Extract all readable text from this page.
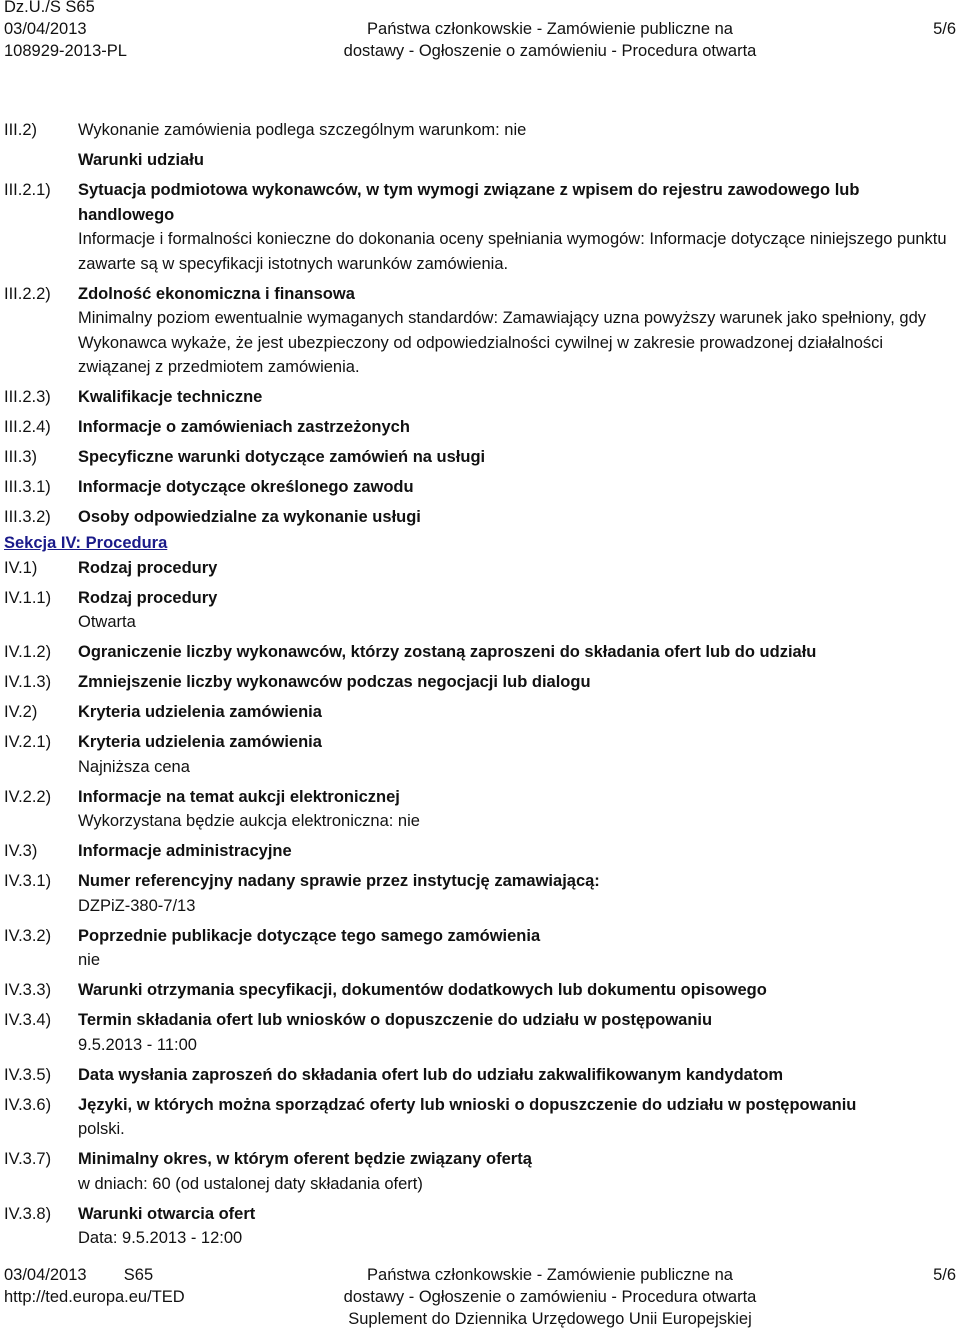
Dz.U./S S65
03/04/2013
108929-2013-PL
Państwa członkowskie - Zamówienie publiczne na
dostawy - Ogłoszenie o zamówieniu - Procedura otwarta
5/6
III.2)	Wykonanie zamówienia podlega szczególnym warunkom: nie
Warunki udziału
III.2.1)	Sytuacja podmiotowa wykonawców, w tym wymogi związane z wpisem do rejestru zawodowego lub handlowego
Informacje i formalności konieczne do dokonania oceny spełniania wymogów: Informacje dotyczące niniejszego punktu zawarte są w specyfikacji istotnych warunków zamówienia.
III.2.2)	Zdolność ekonomiczna i finansowa
Minimalny poziom ewentualnie wymaganych standardów: Zamawiający uzna powyższy warunek jako spełniony, gdy Wykonawca wykaże, że jest ubezpieczony od odpowiedzialności cywilnej w zakresie prowadzonej działalności związanej z przedmiotem zamówienia.
III.2.3)	Kwalifikacje techniczne
III.2.4)	Informacje o zamówieniach zastrzeżonych
III.3)	Specyficzne warunki dotyczące zamówień na usługi
III.3.1)	Informacje dotyczące określonego zawodu
III.3.2)	Osoby odpowiedzialne za wykonanie usługi
Sekcja IV: Procedura
IV.1)	Rodzaj procedury
IV.1.1)	Rodzaj procedury
Otwarta
IV.1.2)	Ograniczenie liczby wykonawców, którzy zostaną zaproszeni do składania ofert lub do udziału
IV.1.3)	Zmniejszenie liczby wykonawców podczas negocjacji lub dialogu
IV.2)	Kryteria udzielenia zamówienia
IV.2.1)	Kryteria udzielenia zamówienia
Najniższa cena
IV.2.2)	Informacje na temat aukcji elektronicznej
Wykorzystana będzie aukcja elektroniczna: nie
IV.3)	Informacje administracyjne
IV.3.1)	Numer referencyjny nadany sprawie przez instytucję zamawiającą:
DZPiZ-380-7/13
IV.3.2)	Poprzednie publikacje dotyczące tego samego zamówienia
nie
IV.3.3)	Warunki otrzymania specyfikacji, dokumentów dodatkowych lub dokumentu opisowego
IV.3.4)	Termin składania ofert lub wniosków o dopuszczenie do udziału w postępowaniu
9.5.2013 - 11:00
IV.3.5)	Data wysłania zaproszeń do składania ofert lub do udziału zakwalifikowanym kandydatom
IV.3.6)	Języki, w których można sporządzać oferty lub wnioski o dopuszczenie do udziału w postępowaniu
polski.
IV.3.7)	Minimalny okres, w którym oferent będzie związany ofertą
w dniach: 60 (od ustalonej daty składania ofert)
IV.3.8)	Warunki otwarcia ofert
Data: 9.5.2013 - 12:00
03/04/2013 S65
http://ted.europa.eu/TED
Państwa członkowskie - Zamówienie publiczne na
dostawy - Ogłoszenie o zamówieniu - Procedura otwarta
Suplement do Dziennika Urzędowego Unii Europejskiej
5/6
